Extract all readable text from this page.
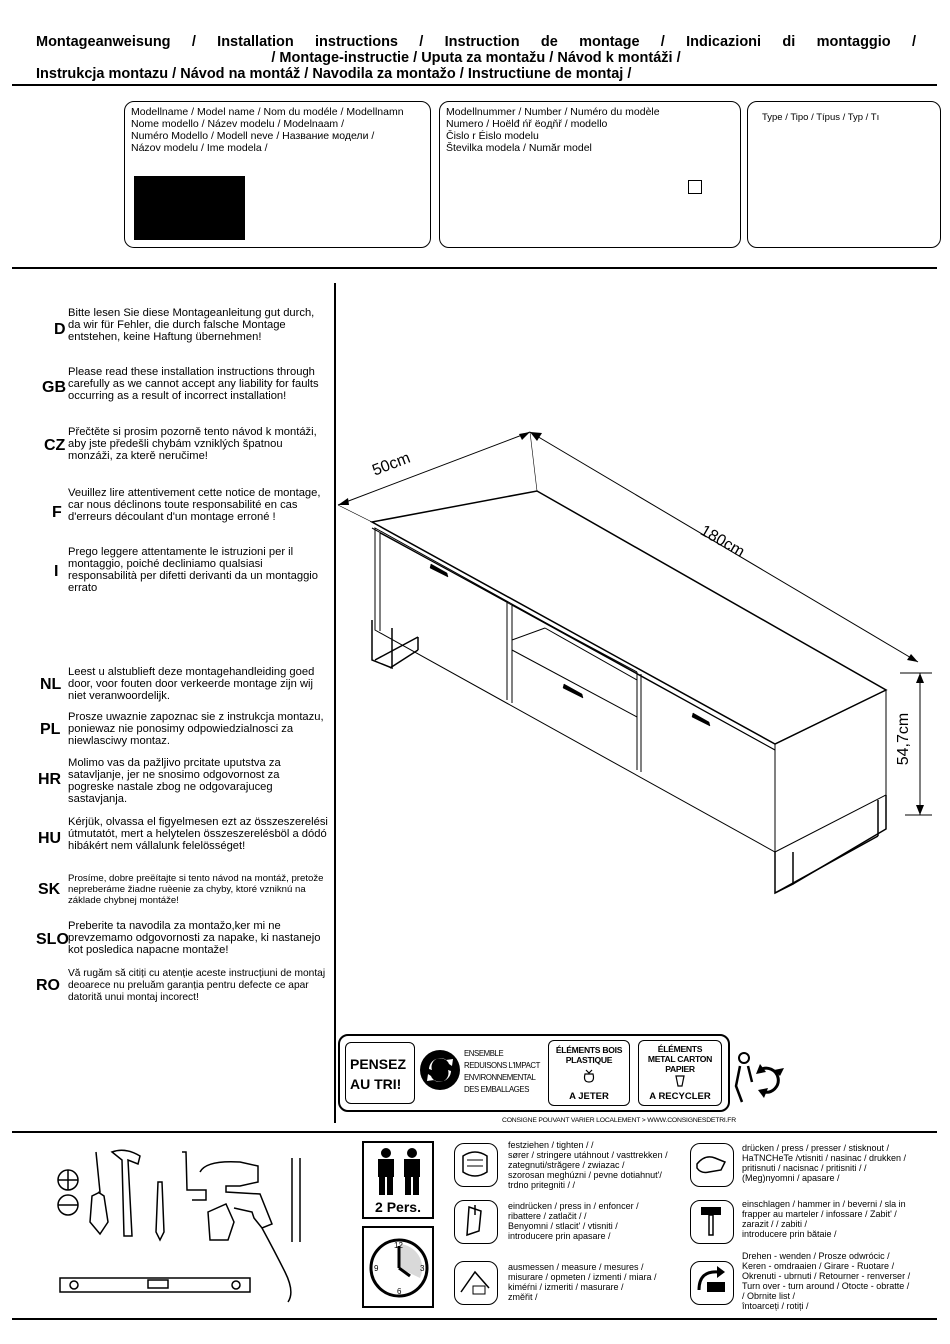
Montageanweisung / Installation instructions / Instruction de montage / Indicazioni di montaggio /
/ Montage-instructie / Uputa za montažu / Návod k montáži /
Instrukcja montazu / Návod na montáž / Navodila za montažo / Instructiune de montaj /
Modellname / Model name / Nom du modéle / Modellnamn
Nome modello / Název modelu / Modelnaam /
Numéro Modello / Modell neve / Название модели /
Názov modelu / Ime modela /
Modellnummer / Number / Numéro du modèle
Numero / Hoëlđ ńř ëoдňř / modello
Čislo r Éislo modelu
Številka modela / Număr model
Type / Tipo / Típus / Typ / Tı
D
Bitte lesen Sie diese Montageanleitung gut durch, da wir für Fehler, die durch falsche Montage entstehen, keine Haftung übernehmen!
GB
Please read these installation instructions through carefully as we cannot accept any liability for faults occurring as a result of incorrect installation!
CZ
Přečtěte si prosim pozorně tento návod k montáži, aby jste předešli chybám vzniklých špatnou monzáži, za kterě neručime!
F
Veuillez lire attentivement cette notice de montage, car nous déclinons toute responsabilité en cas d'erreurs découlant d'un montage erroné !
I
Prego leggere attentamente le istruzioni per il montaggio, poiché decliniamo qualsiasi responsabilità per difetti derivanti da un montaggio errato
NL
Leest u alstublieft deze montagehandleiding goed door, voor fouten door verkeerde montage zijn wij niet veranwoordelijk.
PL
Prosze uwaznie zapoznac sie z instrukcja montazu, poniewaz nie ponosimy odpowiedzialnosci za niewlasciwy montaz.
HR
Molimo vas da pažljivo prcitate uputstva za satavljanje, jer ne snosimo odgovornost za pogreske nastale zbog ne odgovarajuceg sastavjanja.
HU
Kérjük, olvassa el figyelmesen ezt az összeszerelési útmutatót, mert a helytelen összeszerelésböl a dódó hibákért nem vállalunk felelösséget!
SK
Prosíme, dobre preëítajte si tento návod na montáž, pretože nepreberáme žiadne ruèenie za chyby, ktoré vzniknú na základe chybnej montáže!
SLO
Preberite ta navodila za montažo,ker mi ne prevzemamo odgovornosti za napake, ki nastanejo kot posledica napacne montaže!
RO
Vă rugăm să citiți cu atenție aceste instrucțiuni de montaj deoarece nu preluăm garanția pentru defecte ce apar datorită unui montaj incorect!
50cm
180cm
54,7cm
PENSEZ
AU TRI!
ENSEMBLE
REDUISONS L'IMPACT
ENVIRONNEMENTAL
DES EMBALLAGES
ÉLÉMENTS BOIS
PLASTIQUE
A JETER
ÉLÉMENTS
METAL CARTON
PAPIER
A RECYCLER
CONSIGNE POUVANT VARIER LOCALEMENT > WWW.CONSIGNESDETRI.FR
2 Pers.
12
3
6
9
festziehen / tighten / /
sører / stringere utáhnout / vasttrekken /
zategnuti/străgere / zwiazac /
szorosan meghúzni / pevne dotiahnut'/
trdno pritegniti / /
eindrücken / press in / enfoncer /
ribattere / zatlačit / /
Benyomni / stlacit' / vtisniti /
introducere prin apasare /
ausmessen / measure / mesures /
misurare / opmeten / izmenti / miara /
kiméŕni / izmeriti / masurare /
změřit /
drücken / press / presser / stisknout /
HaTNCHeTe /vtisniti / nasinac / drukken /
pritisnuti / nacisnac / pritisniti / /
(Meg)nyomni / apasare /
einschlagen / hammer in / beverni / sla in
frapper au marteler / infossare / Zabit' /
zarazit / / zabiti /
introducere prin bătaie /
Drehen - wenden / Prosze odwrócic /
Keren - omdraaien / Girare - Ruotare /
Okrenuti - ubrnuti / Retourner - renverser /
Turn over - turn around / Otocte - obratte /
/ Obrnite list /
întoarceți / rotiți /
